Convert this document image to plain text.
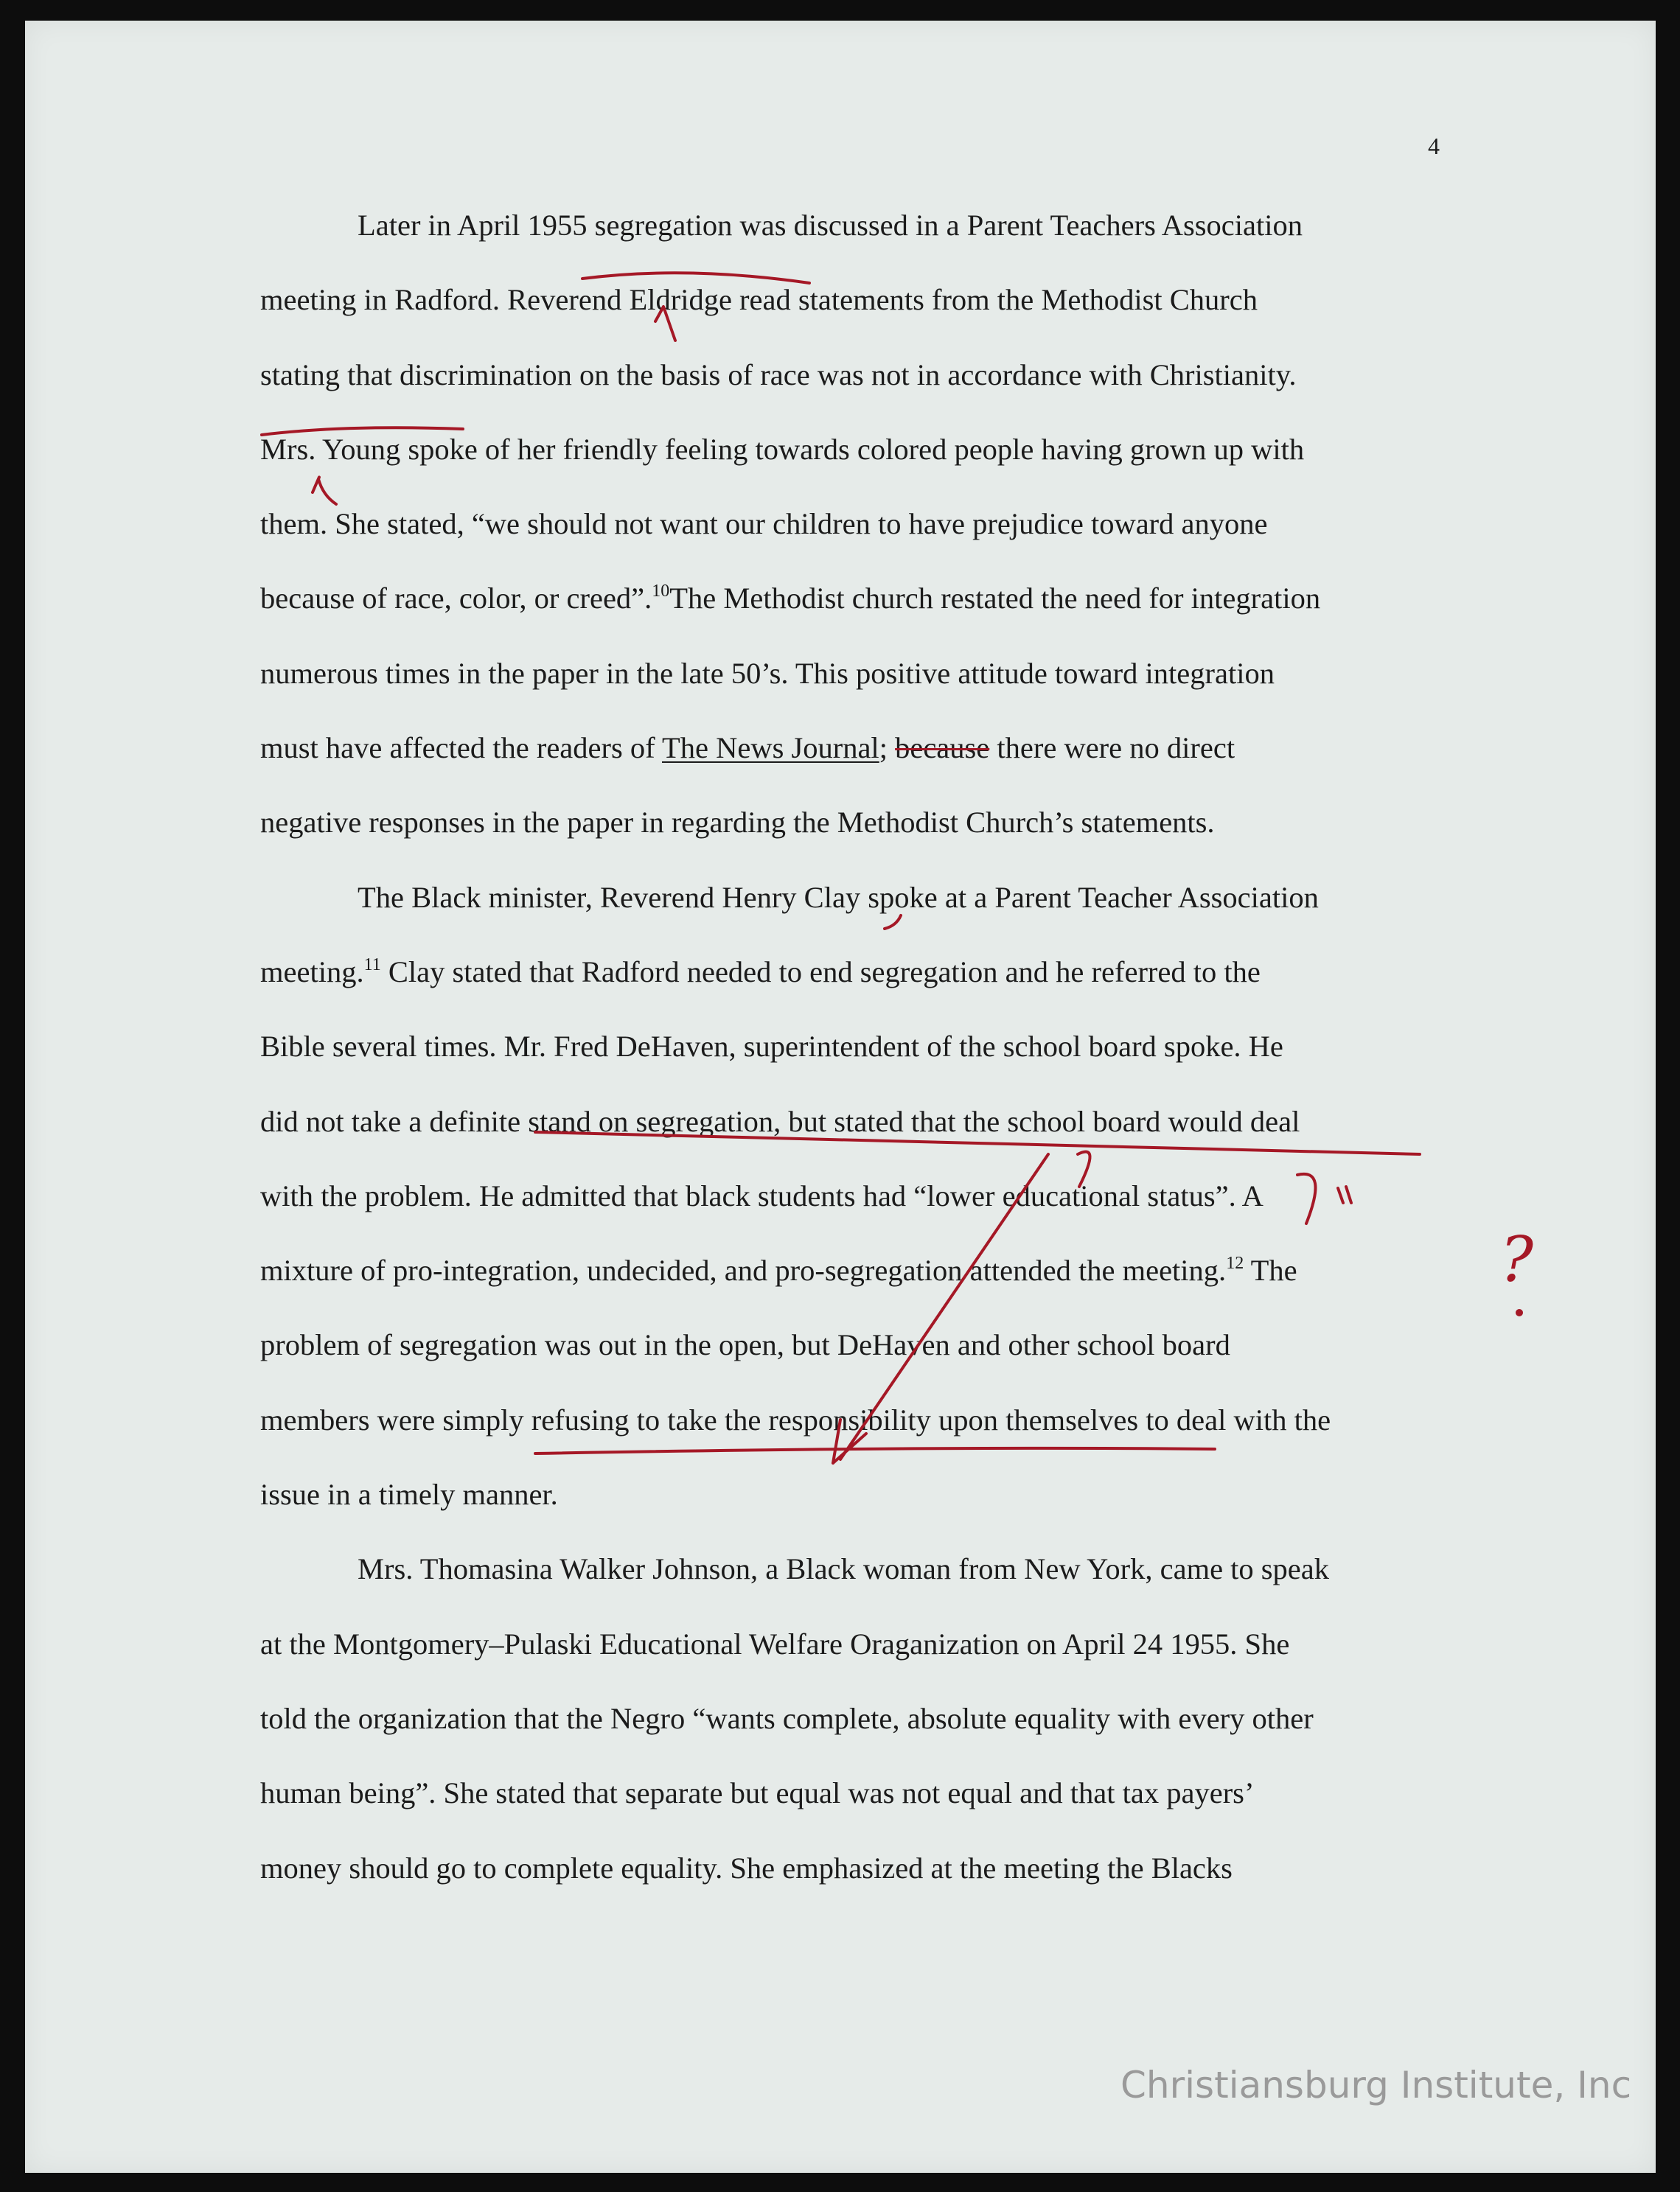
4

Later in April 1955 segregation was discussed in a Parent Teachers Association
meeting in Radford. Reverend Eldridge read statements from the Methodist Church
stating that discrimination on the basis of race was not in accordance with Christianity.
Mrs. Young spoke of her friendly feeling towards colored people having grown up with
them. She stated, “we should not want our children to have prejudice toward anyone
because of race, color, or creed”.$^{10}$The Methodist church restated the need for integration
numerous times in the paper in the late 50’s. This positive attitude toward integration
must have affected the readers of The News Journal; because there were no direct
negative responses in the paper in regarding the Methodist Church’s statements.

The Black minister, Reverend Henry Clay spoke at a Parent Teacher Association
meeting.$^{11}$ Clay stated that Radford needed to end segregation and he referred to the
Bible several times. Mr. Fred DeHaven, superintendent of the school board spoke. He
did not take a definite stand on segregation, but stated that the school board would deal
with the problem. He admitted that black students had “lower educational status”. A
mixture of pro-integration, undecided, and pro-segregation attended the meeting.$^{12}$ The
problem of segregation was out in the open, but DeHaven and other school board
members were simply refusing to take the responsibility upon themselves to deal with the
issue in a timely manner.

Mrs. Thomasina Walker Johnson, a Black woman from New York, came to speak
at the Montgomery–Pulaski Educational Welfare Oraganization on April 24 1955. She
told the organization that the Negro “wants complete, absolute equality with every other
human being”. She stated that separate but equal was not equal and that tax payers’
money should go to complete equality. She emphasized at the meeting the Blacks

?
Christiansburg Institute, Inc
